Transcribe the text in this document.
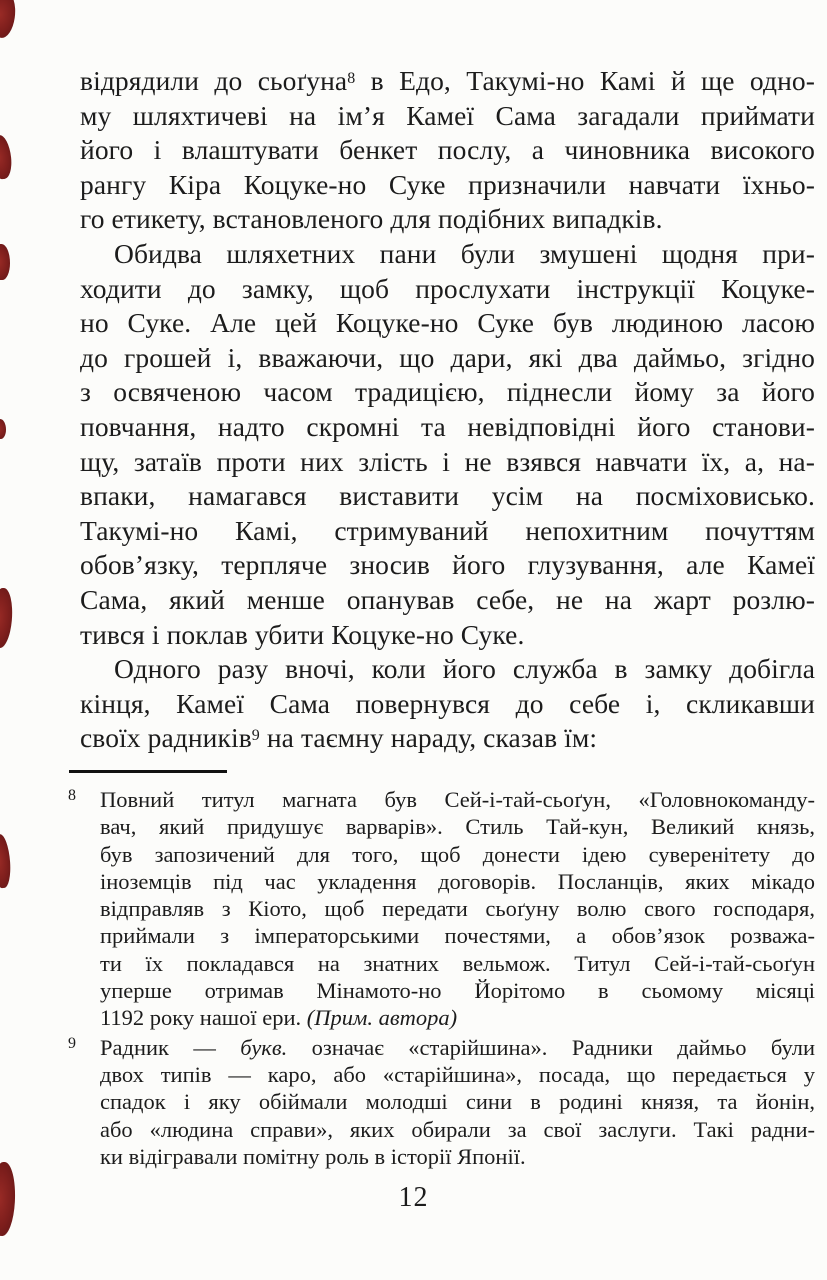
відрядили до сьоґуна$^8$ в Едо, Такумі-но Камі й ще одно-
му шляхтичеві на ім’я Камеї Сама загадали приймати
його і влаштувати бенкет послу, а чиновника високого
рангу Кіра Коцуке-но Суке призначили навчати їхньо-
го етикету, встановленого для подібних випадків.
Обидва шляхетних пани були змушені щодня при-
ходити до замку, щоб прослухати інструкції Коцуке-
но Суке. Але цей Коцуке-но Суке був людиною ласою
до грошей і, вважаючи, що дари, які два даймьо, згідно
з освяченою часом традицією, піднесли йому за його
повчання, надто скромні та невідповідні його станови-
щу, затаїв проти них злість і не взявся навчати їх, а, на-
впаки, намагався виставити усім на посміховисько.
Такумі-но Камі, стримуваний непохитним почуттям
обов’язку, терпляче зносив його глузування, але Камеї
Сама, який менше опанував себе, не на жарт розлю-
тився і поклав убити Коцуке-но Суке.
Одного разу вночі, коли його служба в замку добігла
кінця, Камеї Сама повернувся до себе і, скликавши
своїх радників$^9$ на таємну нараду, сказав їм:
8 Повний титул магната був Сей-і-тай-сьоґун, «Головнокоманду-
вач, який придушує варварів». Стиль Тай-кун, Великий князь,
був запозичений для того, щоб донести ідею суверенітету до
іноземців під час укладення договорів. Посланців, яких мікадо
відправляв з Кіото, щоб передати сьоґуну волю свого господаря,
приймали з імператорськими почестями, а обов’язок розважа-
ти їх покладався на знатних вельмож. Титул Сей-і-тай-сьоґун
уперше отримав Мінамото-но Йорітомо в сьомому місяці
1192 року нашої ери. (Прим. автора)
9 Радник — букв. означає «старійшина». Радники даймьо були
двох типів — каро, або «старійшина», посада, що передається у
спадок і яку обіймали молодші сини в родині князя, та йонін,
або «людина справи», яких обирали за свої заслуги. Такі радни-
ки відігравали помітну роль в історії Японії.
12
